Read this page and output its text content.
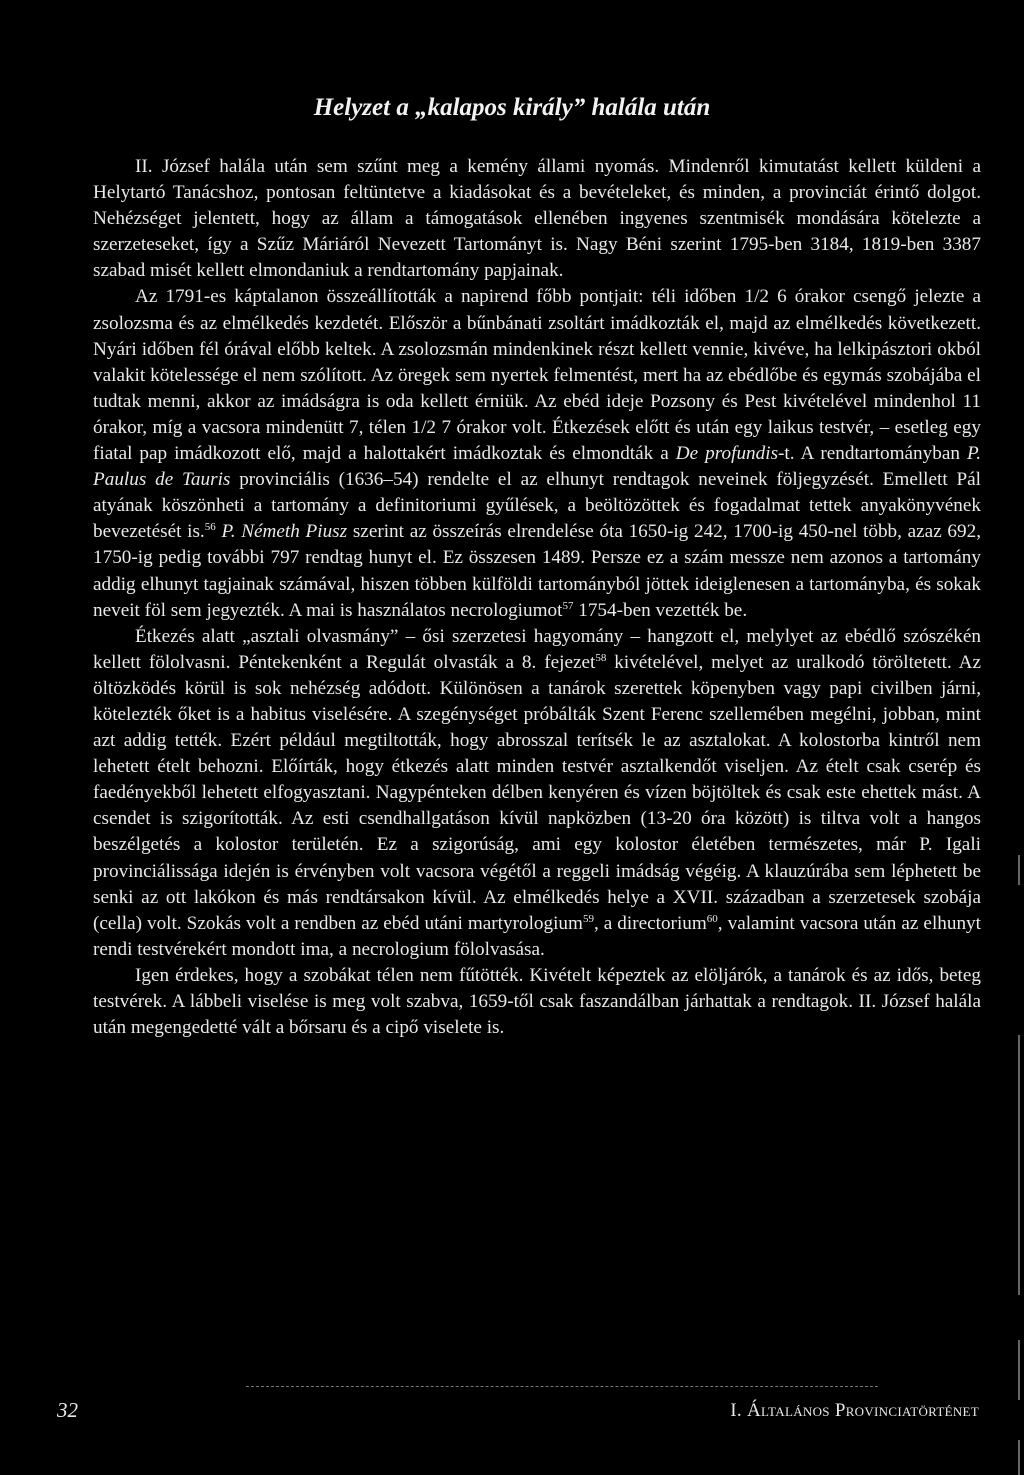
Helyzet a „kalapos király” halála után

II. József halála után sem szűnt meg a kemény állami nyomás. Mindenről kimutatást kellett küldeni a Helytartó Tanácshoz, pontosan feltüntetve a kiadásokat és a bevételeket, és minden, a provinciát érintő dolgot. Nehézséget jelentett, hogy az állam a támogatások ellenében ingyenes szentmisék mondására kötelezte a szerzeteseket, így a Szűz Máriáról Nevezett Tartományt is. Nagy Béni szerint 1795-ben 3184, 1819-ben 3387 szabad misét kellett elmondaniuk a rendtartomány papjainak.

Az 1791-es káptalanon összeállították a napirend főbb pontjait: téli időben 1/2 6 órakor csengő jelezte a zsolozsma és az elmélkedés kezdetét. Először a bűnbánati zsoltárt imádkozták el, majd az elmélkedés következett. Nyári időben fél órával előbb keltek. A zsolozsmán mindenkinek részt kellett vennie, kivéve, ha lelkipásztori okból valakit kötelessége el nem szólított. Az öregek sem nyertek felmentést, mert ha az ebédlőbe és egymás szobájába el tudtak menni, akkor az imádságra is oda kellett érniük. Az ebéd ideje Pozsony és Pest kivételével mindenhol 11 órakor, míg a vacsora mindenütt 7, télen 1/2 7 órakor volt. Étkezések előtt és után egy laikus testvér, – esetleg egy fiatal pap imádkozott elő, majd a halottakért imádkoztak és elmondták a De profundis-t. A rendtartományban P. Paulus de Tauris provinciális (1636–54) rendelte el az elhunyt rendtagok neveinek följegyzését. Emellett Pál atyának köszönheti a tartomány a definitoriumi gyűlések, a beöltözöttek és fogadalmat tettek anyakönyvének bevezetését is.$^{56}$ P. Németh Piusz szerint az összeírás elrendelése óta 1650-ig 242, 1700-ig 450-nel több, azaz 692, 1750-ig pedig további 797 rendtag hunyt el. Ez összesen 1489. Persze ez a szám messze nem azonos a tartomány addig elhunyt tagjainak számával, hiszen többen külföldi tartományból jöttek ideiglenesen a tartományba, és sokak neveit föl sem jegyezték. A mai is használatos necrologiumot$^{57}$ 1754-ben vezették be.

Étkezés alatt „asztali olvasmány” – ősi szerzetesi hagyomány – hangzott el, melylyet az ebédlő szószékén kellett fölolvasni. Péntekenként a Regulát olvasták a 8. fejezet$^{58}$ kivételével, melyet az uralkodó töröltetett. Az öltözködés körül is sok nehézség adódott. Különösen a tanárok szerettek köpenyben vagy papi civilben járni, kötelezték őket is a habitus viselésére. A szegénységet próbálták Szent Ferenc szellemében megélni, jobban, mint azt addig tették. Ezért például megtiltották, hogy abrosszal terítsék le az asztalokat. A kolostorba kintről nem lehetett ételt behozni. Előírták, hogy étkezés alatt minden testvér asztalkendőt viseljen. Az ételt csak cserép és faedényekből lehetett elfogyasztani. Nagypénteken délben kenyéren és vízen böjtöltek és csak este ehettek mást. A csendet is szigorították. Az esti csendhallgatáson kívül napközben (13-20 óra között) is tiltva volt a hangos beszélgetés a kolostor területén. Ez a szigorúság, ami egy kolostor életében természetes, már P. Igali provinciálissága idején is érvényben volt vacsora végétől a reggeli imádság végéig. A klauzúrába sem léphetett be senki az ott lakókon és más rendtársakon kívül. Az elmélkedés helye a XVII. században a szerzetesek szobája (cella) volt. Szokás volt a rendben az ebéd utáni martyrologium$^{59}$, a directorium$^{60}$, valamint vacsora után az elhunyt rendi testvérekért mondott ima, a necrologium fölolvasása.

Igen érdekes, hogy a szobákat télen nem fűtötték. Kivételt képeztek az elöljárók, a tanárok és az idős, beteg testvérek. A lábbeli viselése is meg volt szabva, 1659-től csak faszandálban járhattak a rendtagok. II. József halála után megengedetté vált a bőrsaru és a cipő viselete is.

32	I. Általános Provinciatörténet
